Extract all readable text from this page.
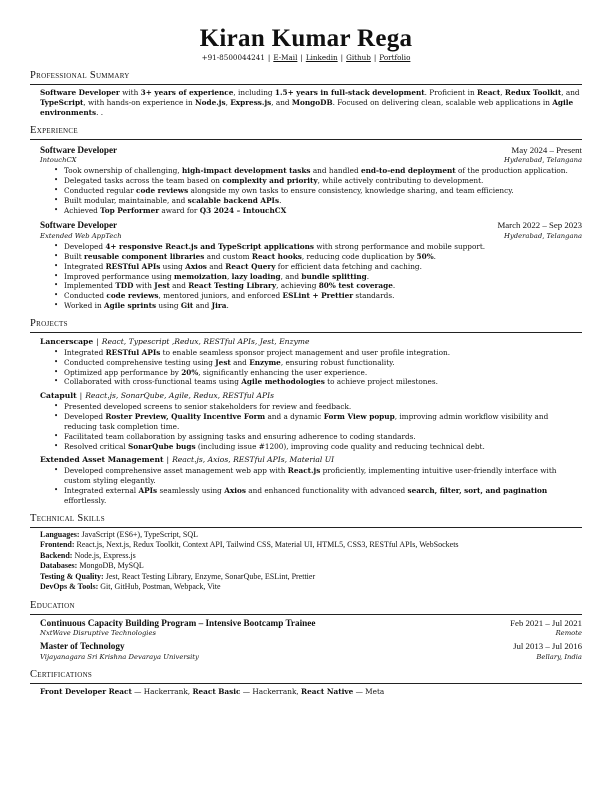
Kiran Kumar Rega
+91-8500044241 | E-Mail | Linkedin | Github | Portfolio
Professional Summary
Software Developer with 3+ years of experience, including 1.5+ years in full-stack development. Proficient in React, Redux Toolkit, and TypeScript, with hands-on experience in Node.js, Express.js, and MongoDB. Focused on delivering clean, scalable web applications in Agile environments. .
Experience
Software Developer	May 2024 – Present
IntouchCX	Hyderabad, Telangana
• Took ownership of challenging, high-impact development tasks and handled end-to-end deployment of the production application.
• Delegated tasks across the team based on complexity and priority, while actively contributing to development.
• Conducted regular code reviews alongside my own tasks to ensure consistency, knowledge sharing, and team efficiency.
• Built modular, maintainable, and scalable backend APIs.
• Achieved Top Performer award for Q3 2024 – IntouchCX
Software Developer	March 2022 – Sep 2023
Extended Web AppTech	Hyderabad, Telangana
• Developed 4+ responsive React.js and TypeScript applications with strong performance and mobile support.
• Built reusable component libraries and custom React hooks, reducing code duplication by 50%.
• Integrated RESTful APIs using Axios and React Query for efficient data fetching and caching.
• Improved performance using memoization, lazy loading, and bundle splitting.
• Implemented TDD with Jest and React Testing Library, achieving 80% test coverage.
• Conducted code reviews, mentored juniors, and enforced ESLint + Prettier standards.
• Worked in Agile sprints using Git and Jira.
Projects
Lancerscape | React, Typescript ,Redux, RESTful APIs, Jest, Enzyme
• Integrated RESTful APIs to enable seamless sponsor project management and user profile integration.
• Conducted comprehensive testing using Jest and Enzyme, ensuring robust functionality.
• Optimized app performance by 20%, significantly enhancing the user experience.
• Collaborated with cross-functional teams using Agile methodologies to achieve project milestones.
Catapult | React.js, SonarQube, Agile, Redux, RESTful APIs
• Presented developed screens to senior stakeholders for review and feedback.
• Developed Roster Preview, Quality Incentive Form and a dynamic Form View popup, improving admin workflow visibility and reducing task completion time.
• Facilitated team collaboration by assigning tasks and ensuring adherence to coding standards.
• Resolved critical SonarQube bugs (including issue #1200), improving code quality and reducing technical debt.
Extended Asset Management | React.js, Axios, RESTful APIs, Material UI
• Developed comprehensive asset management web app with React.js proficiently, implementing intuitive user-friendly interface with custom styling elegantly.
• Integrated external APIs seamlessly using Axios and enhanced functionality with advanced search, filter, sort, and pagination effortlessly.
Technical Skills
Languages: JavaScript (ES6+), TypeScript, SQL
Frontend: React.js, Next.js, Redux Toolkit, Context API, Tailwind CSS, Material UI, HTML5, CSS3, RESTful APIs, WebSockets
Backend: Node.js, Express.js
Databases: MongoDB, MySQL
Testing & Quality: Jest, React Testing Library, Enzyme, SonarQube, ESLint, Prettier
DevOps & Tools: Git, GitHub, Postman, Webpack, Vite
Education
Continuous Capacity Building Program – Intensive Bootcamp Trainee	Feb 2021 – Jul 2021
NxtWave Disruptive Technologies	Remote
Master of Technology	Jul 2013 – Jul 2016
Vijayanagara Sri Krishna Devaraya University	Bellary, India
Certifications
Front Developer React — Hackerrank, React Basic — Hackerrank, React Native — Meta
